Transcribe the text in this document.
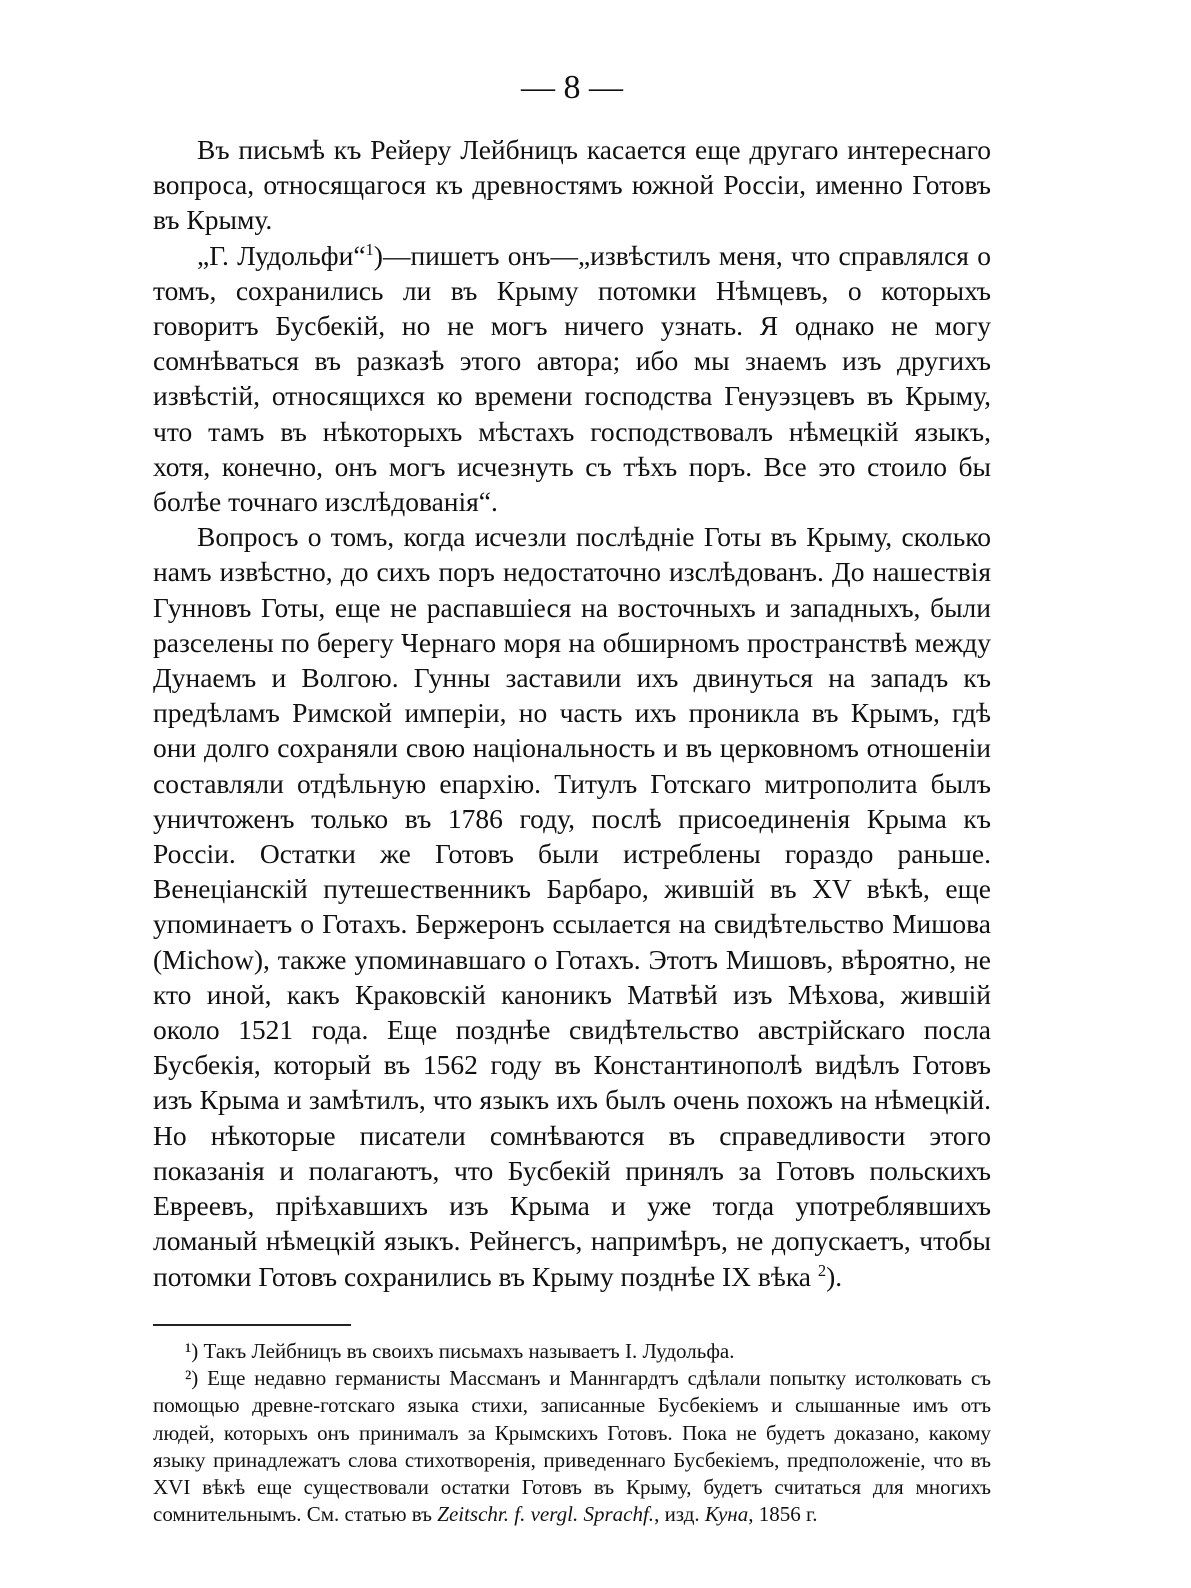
— 8 —

Въ письмѣ къ Рейеру Лейбницъ касается еще другаго интереснаго вопроса, относящагося къ древностямъ южной Россіи, именно Готовъ въ Крыму.

„Г. Лудольфи“$^1$)—пишетъ онъ—„извѣстилъ меня, что справлялся о томъ, сохранились ли въ Крыму потомки Нѣмцевъ, о которыхъ говоритъ Бусбекій, но не могъ ничего узнать. Я однако не могу сомнѣваться въ разказѣ этого автора; ибо мы знаемъ изъ другихъ извѣстій, относящихся ко времени господства Генуэзцевъ въ Крыму, что тамъ въ нѣкоторыхъ мѣстахъ господствовалъ нѣмецкій языкъ, хотя, конечно, онъ могъ исчезнуть съ тѣхъ поръ. Все это стоило бы болѣе точнаго изслѣдованія“.

Вопросъ о томъ, когда исчезли послѣдніе Готы въ Крыму, сколько намъ извѣстно, до сихъ поръ недостаточно изслѣдованъ. До нашествія Гунновъ Готы, еще не распавшіеся на восточныхъ и западныхъ, были разселены по берегу Чернаго моря на обширномъ пространствѣ между Дунаемъ и Волгою. Гунны заставили ихъ двинуться на западъ къ предѣламъ Римской имперіи, но часть ихъ проникла въ Крымъ, гдѣ они долго сохраняли свою національность и въ церковномъ отношеніи составляли отдѣльную епархію. Титулъ Готскаго митрополита былъ уничтоженъ только въ 1786 году, послѣ присоединенія Крыма къ Россіи. Остатки же Готовъ были истреблены гораздо раньше. Венеціанскій путешественникъ Барбаро, жившій въ XV вѣкѣ, еще упоминаетъ о Готахъ. Бержеронъ ссылается на свидѣтельство Мишова (Michow), также упоминавшаго о Готахъ. Этотъ Мишовъ, вѣроятно, не кто иной, какъ Краковскій каноникъ Матвѣй изъ Мѣхова, жившій около 1521 года. Еще позднѣе свидѣтельство австрійскаго посла Бусбекія, который въ 1562 году въ Константинополѣ видѣлъ Готовъ изъ Крыма и замѣтилъ, что языкъ ихъ былъ очень похожъ на нѣмецкій. Но нѣкоторые писатели сомнѣваются въ справедливости этого показанія и полагаютъ, что Бусбекій принялъ за Готовъ польскихъ Евреевъ, пріѣхавшихъ изъ Крыма и уже тогда употреблявшихъ ломаный нѣмецкій языкъ. Рейнегсъ, напримѣръ, не допускаетъ, чтобы потомки Готовъ сохранились въ Крыму позднѣе IX вѣка $^2$).

¹) Такъ Лейбницъ въ своихъ письмахъ называетъ I. Лудольфа.

²) Еще недавно германисты Массманъ и Маннгардтъ сдѣлали попытку истолковать съ помощью древне-готскаго языка стихи, записанные Бусбекіемъ и слышанные имъ отъ людей, которыхъ онъ принималъ за Крымскихъ Готовъ. Пока не будетъ доказано, какому языку принадлежатъ слова стихотворенія, приведеннаго Бусбекіемъ, предположеніе, что въ XVI вѣкѣ еще существовали остатки Готовъ въ Крыму, будетъ считаться для многихъ сомнительнымъ. См. статью въ Zeitschr. f. vergl. Sprachf., изд. Куна, 1856 г.
